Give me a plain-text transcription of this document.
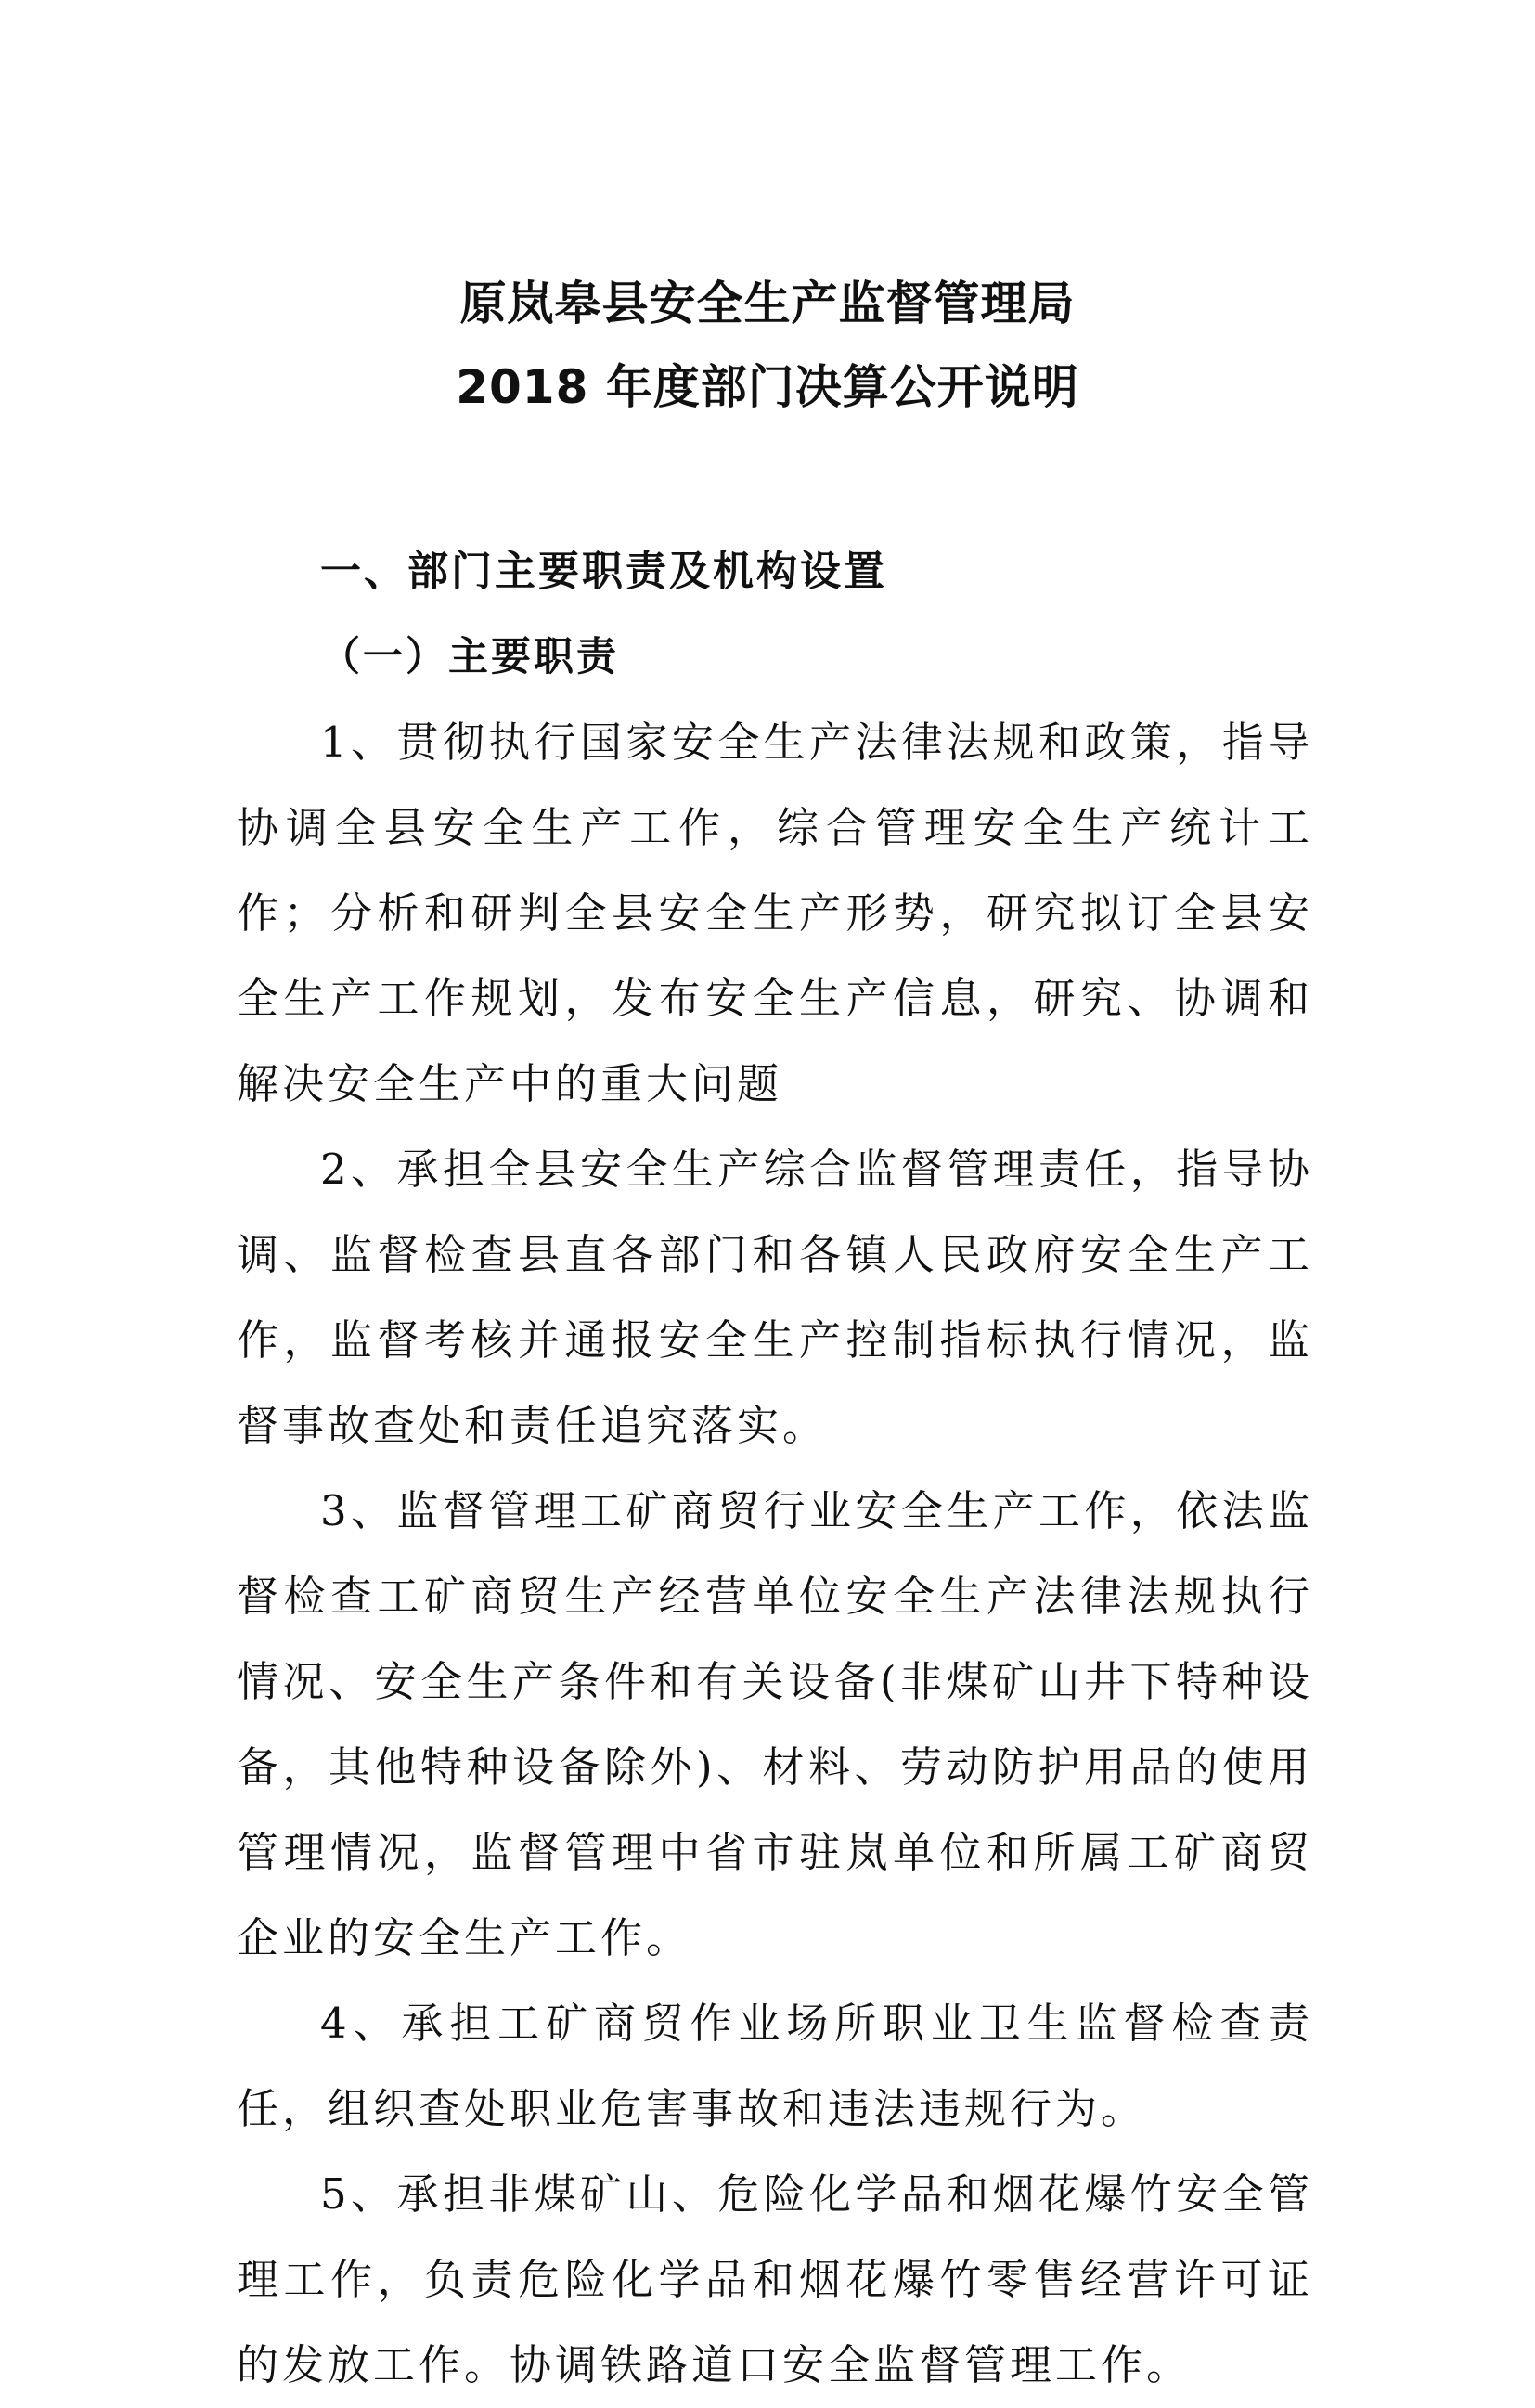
原岚皋县安全生产监督管理局
2018 年度部门决算公开说明

一、部门主要职责及机构设置

（一）主要职责

1、贯彻执行国家安全生产法律法规和政策，指导协调全县安全生产工作，综合管理安全生产统计工作；分析和研判全县安全生产形势，研究拟订全县安全生产工作规划，发布安全生产信息，研究、协调和解决安全生产中的重大问题

2、承担全县安全生产综合监督管理责任，指导协调、监督检查县直各部门和各镇人民政府安全生产工作，监督考核并通报安全生产控制指标执行情况，监督事故查处和责任追究落实。

3、监督管理工矿商贸行业安全生产工作，依法监督检查工矿商贸生产经营单位安全生产法律法规执行情况、安全生产条件和有关设备(非煤矿山井下特种设备，其他特种设备除外)、材料、劳动防护用品的使用管理情况，监督管理中省市驻岚单位和所属工矿商贸企业的安全生产工作。

4、承担工矿商贸作业场所职业卫生监督检查责任，组织查处职业危害事故和违法违规行为。

5、承担非煤矿山、危险化学品和烟花爆竹安全管理工作，负责危险化学品和烟花爆竹零售经营许可证的发放工作。协调铁路道口安全监督管理工作。
